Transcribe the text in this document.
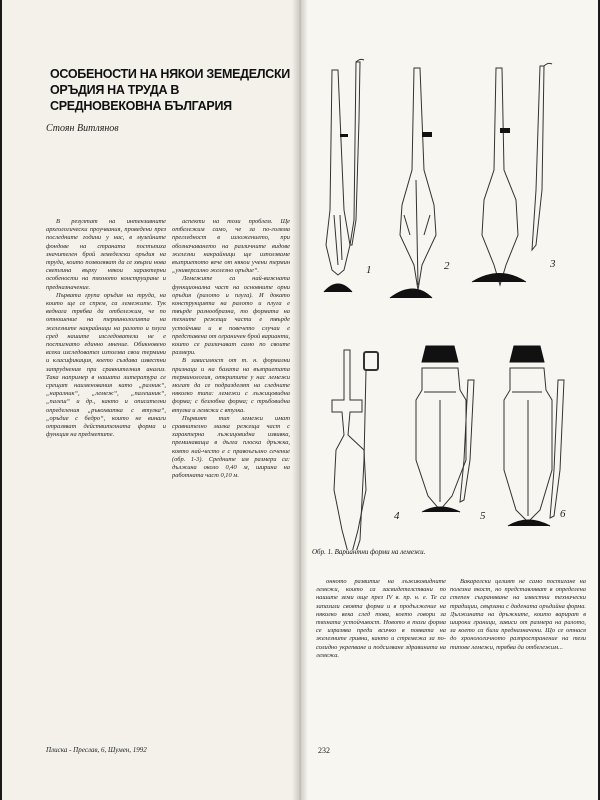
ОСОБЕНОСТИ НА НЯКОИ ЗЕМЕДЕЛСКИ ОРЪДИЯ НА ТРУДА В СРЕДНОВЕКОВНА БЪЛГАРИЯ
Стоян Витлянов

В резултат на интензивните археологически проучвания, проведени през последните години у нас, в музейните фондове на страната постъпиха значителен брой земеделски оръдия на труда, които позволяват да се хвърли нова светлина върху някои характерни особености на тяхното конструиране и предназначение.

Първата група оръдия на труда, на които ще се спрем, са лемежите. Тук веднага трябва да отбележим, че по отношение на терминологията на железните накрайници на ралото и плуга сред нашите изследователи не е постигнато единно мнение. Обикновено всеки изследовател използва свои термини и класификация, което създава известни затруднения при сравнителния анализ. Така например в нашата литература се срещат наименования като „ралник“, „наралник“, „лемеж“, „палешник“, „палеш“ и др., както и описателни определения „ръкохватка с втулка“, „оръдие с бедро“, които не винаги отразяват действителната форма и функция на предметите.

аспекти на този проблем. Ще отбележим само, че за по-голяма прегледност в изложението, при обозначаването на различните видове железни накрайници ще използваме възприетото вече от някои учени термин „универсално железно оръдие“.

Лемежите са най-важната функционална част на основните орни оръдия (ралото и плуга). И докато конструкцията на ралото и плуга е твърде разнообразна, то формата на техните режещи части е твърде устойчива и в повечето случаи е представена от ограничен брой варианти, които се различават само по своите размери.

В зависимост от т. н. формални признаци и на базата на възприетата терминология, откритите у нас лемежи могат да се подразделят на следните няколко типа: лемежи с лъжицовидна форма; с безлобна форма; с тръбовидна втулка и лемежи с втулка.

Първият тип лемежи имат сравнително малка режеща част с характерна лъжицовидна извивка, преминаваща в дълга плоска дръжка, която най-често е с правоъгълно сечение (обр. 1-3). Средните им размери са: дължина около 0,40 м, ширина на работната част 0,10 м.

Плиска - Преслав, 6, Шумен, 1992
1	2	3
4	5	6
Обр. 1. Вариантни форми на лемежи.

онното развитие на лъжиковидните лемежи, които са засвидетелствани по нашите земи още през IV в. пр. н. е. Те са запазили своята форма и в продължение на няколко века след това, което говори за тяхната устойчивост. Новото в тази форма се изразява преди всичко в появата на железните гривни, както и стремежа за по-солидно укрепване и подсилване здравината на лемежа.

Вакарелски целият не само постигане на полезна якост, но представляват в определена степен съхраняване на известни технически традиции, свързани с дадената оръдийна форма. Дължината на дръжките, които варират в широки граници, зависи от размера на ралото, за което са били предназначени. Що се отнася до хронологичното разпространение на тези типове лемежи, трябва да отбележим...

232
